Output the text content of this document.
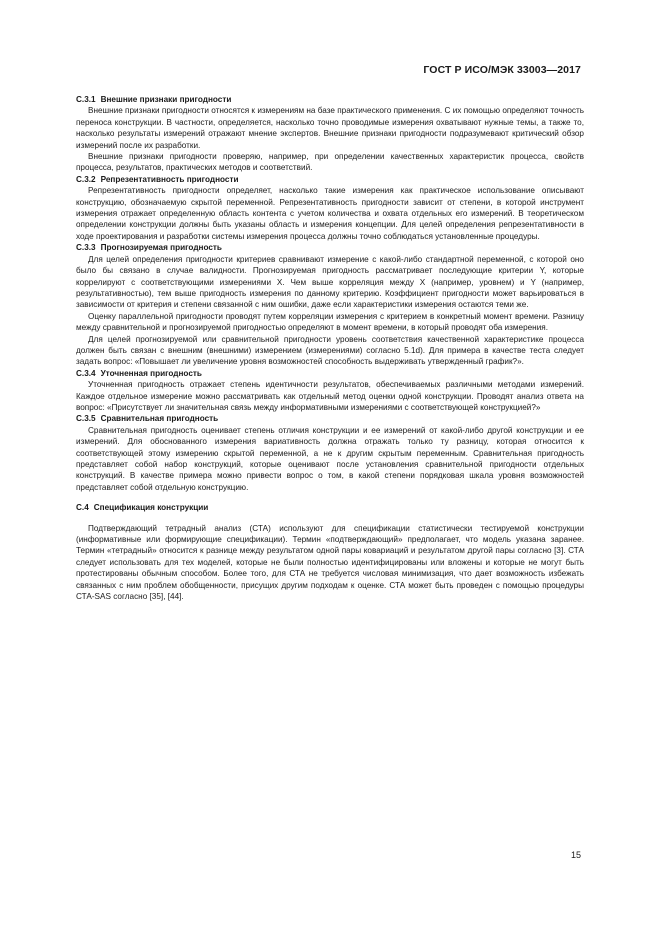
ГОСТ Р ИСО/МЭК 33003—2017
С.3.1 Внешние признаки пригодности

Внешние признаки пригодности относятся к измерениям на базе практического применения. С их помощью определяют точность переноса конструкции. В частности, определяется, насколько точно проводимые измерения охватывают нужные темы, а также то, насколько результаты измерений отражают мнение экспертов. Внешние признаки пригодности подразумевают критический обзор измерений после их разработки.

Внешние признаки пригодности проверяю, например, при определении качественных характеристик процесса, свойств процесса, результатов, практических методов и соответствий.

С.3.2 Репрезентативность пригодности

Репрезентативность пригодности определяет, насколько такие измерения как практическое использование описывают конструкцию, обозначаемую скрытой переменной. Репрезентативность пригодности зависит от степени, в которой инструмент измерения отражает определенную область контента с учетом количества и охвата отдельных его измерений. В теоретическом определении конструкции должны быть указаны область и измерения концепции. Для целей определения репрезентативности в ходе проектирования и разработки системы измерения процесса должны точно соблюдаться установленные процедуры.

С.3.3 Прогнозируемая пригодность

Для целей определения пригодности критериев сравнивают измерение с какой-либо стандартной переменной, с которой оно было бы связано в случае валидности. Прогнозируемая пригодность рассматривает последующие критерии Y, которые коррелируют с соответствующими измерениями X. Чем выше корреляция между X (например, уровнем) и Y (например, результативностью), тем выше пригодность измерения по данному критерию. Коэффициент пригодности может варьироваться в зависимости от критерия и степени связанной с ним ошибки, даже если характеристики измерения остаются теми же.

Оценку параллельной пригодности проводят путем корреляции измерения с критерием в конкретный момент времени. Разницу между сравнительной и прогнозируемой пригодностью определяют в момент времени, в который проводят оба измерения.

Для целей прогнозируемой или сравнительной пригодности уровень соответствия качественной характеристике процесса должен быть связан с внешним (внешними) измерением (измерениями) согласно 5.1d). Для примера в качестве теста следует задать вопрос: «Повышает ли увеличение уровня возможностей способность выдерживать утвержденный график?».

С.3.4 Уточненная пригодность

Уточненная пригодность отражает степень идентичности результатов, обеспечиваемых различными методами измерений. Каждое отдельное измерение можно рассматривать как отдельный метод оценки одной конструкции. Проводят анализ ответа на вопрос: «Присутствует ли значительная связь между информативными измерениями с соответствующей конструкцией?»

С.3.5 Сравнительная пригодность

Сравнительная пригодность оценивает степень отличия конструкции и ее измерений от какой-либо другой конструкции и ее измерений. Для обоснованного измерения вариативность должна отражать только ту разницу, которая относится к соответствующей этому измерению скрытой переменной, а не к другим скрытым переменным. Сравнительная пригодность представляет собой набор конструкций, которые оценивают после установления сравнительной пригодности отдельных конструкций. В качестве примера можно привести вопрос о том, в какой степени порядковая шкала уровня возможностей представляет собой отдельную конструкцию.

С.4 Спецификация конструкции

Подтверждающий тетрадный анализ (СТА) используют для спецификации статистически тестируемой конструкции (информативные или формирующие спецификации). Термин «подтверждающий» предполагает, что модель указана заранее. Термин «тетрадный» относится к разнице между результатом одной пары ковариаций и результатом другой пары согласно [3]. СТА следует использовать для тех моделей, которые не были полностью идентифицированы или вложены и которые не могут быть протестированы обычным способом. Более того, для СТА не требуется числовая минимизация, что дает возможность избежать связанных с ним проблем обобщенности, присущих другим подходам к оценке. СТА может быть проведен с помощью процедуры СТА-SAS согласно [35], [44].

15
